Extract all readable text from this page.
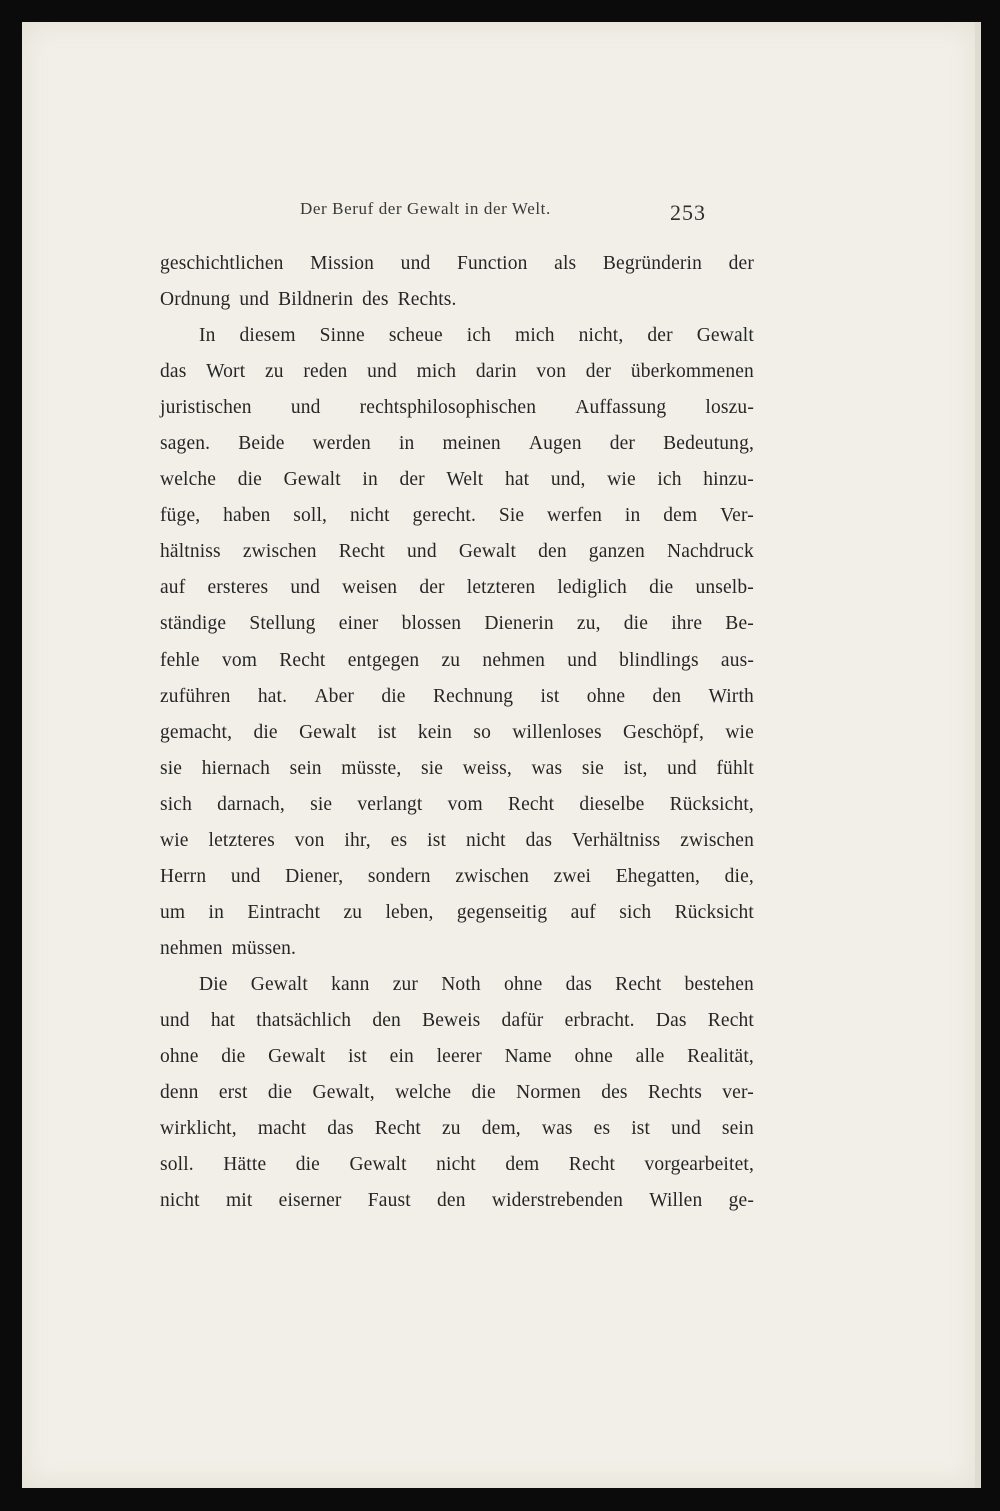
Der Beruf der Gewalt in der Welt.	253
geschichtlichen Mission und Function als Begründerin der
Ordnung und Bildnerin des Rechts.
In diesem Sinne scheue ich mich nicht, der Gewalt
das Wort zu reden und mich darin von der überkommenen
juristischen und rechtsphilosophischen Auffassung loszu-
sagen. Beide werden in meinen Augen der Bedeutung,
welche die Gewalt in der Welt hat und, wie ich hinzu-
füge, haben soll, nicht gerecht. Sie werfen in dem Ver-
hältniss zwischen Recht und Gewalt den ganzen Nachdruck
auf ersteres und weisen der letzteren lediglich die unselb-
ständige Stellung einer blossen Dienerin zu, die ihre Be-
fehle vom Recht entgegen zu nehmen und blindlings aus-
zuführen hat. Aber die Rechnung ist ohne den Wirth
gemacht, die Gewalt ist kein so willenloses Geschöpf, wie
sie hiernach sein müsste, sie weiss, was sie ist, und fühlt
sich darnach, sie verlangt vom Recht dieselbe Rücksicht,
wie letzteres von ihr, es ist nicht das Verhältniss zwischen
Herrn und Diener, sondern zwischen zwei Ehegatten, die,
um in Eintracht zu leben, gegenseitig auf sich Rücksicht
nehmen müssen.
Die Gewalt kann zur Noth ohne das Recht bestehen
und hat thatsächlich den Beweis dafür erbracht. Das Recht
ohne die Gewalt ist ein leerer Name ohne alle Realität,
denn erst die Gewalt, welche die Normen des Rechts ver-
wirklicht, macht das Recht zu dem, was es ist und sein
soll. Hätte die Gewalt nicht dem Recht vorgearbeitet,
nicht mit eiserner Faust den widerstrebenden Willen ge-
